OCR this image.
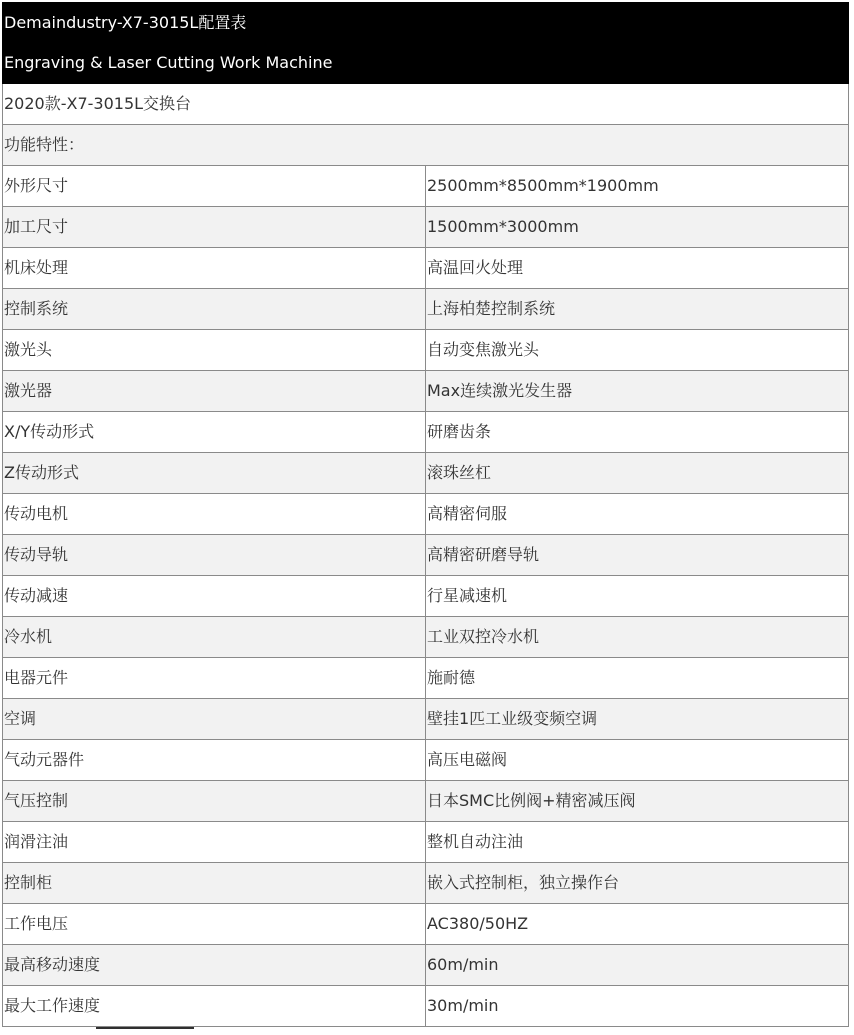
Demaindustry-X7-3015L配置表	
Engraving & Laser Cutting Work Machine	
2020款-X7-3015L交换台	
功能特性：	
外形尺寸	2500mm*8500mm*1900mm
加工尺寸	1500mm*3000mm
机床处理	高温回火处理
控制系统	上海柏楚控制系统
激光头	自动变焦激光头
激光器	Max连续激光发生器
X/Y传动形式	研磨齿条
Z传动形式	滚珠丝杠
传动电机	高精密伺服
传动导轨	高精密研磨导轨
传动减速	行星减速机
冷水机	工业双控冷水机
电器元件	施耐德
空调	壁挂1匹工业级变频空调
气动元器件	高压电磁阀
气压控制	日本SMC比例阀+精密减压阀
润滑注油	整机自动注油
控制柜	嵌入式控制柜，独立操作台
工作电压	AC380/50HZ
最高移动速度	60m/min
最大工作速度	30m/min
